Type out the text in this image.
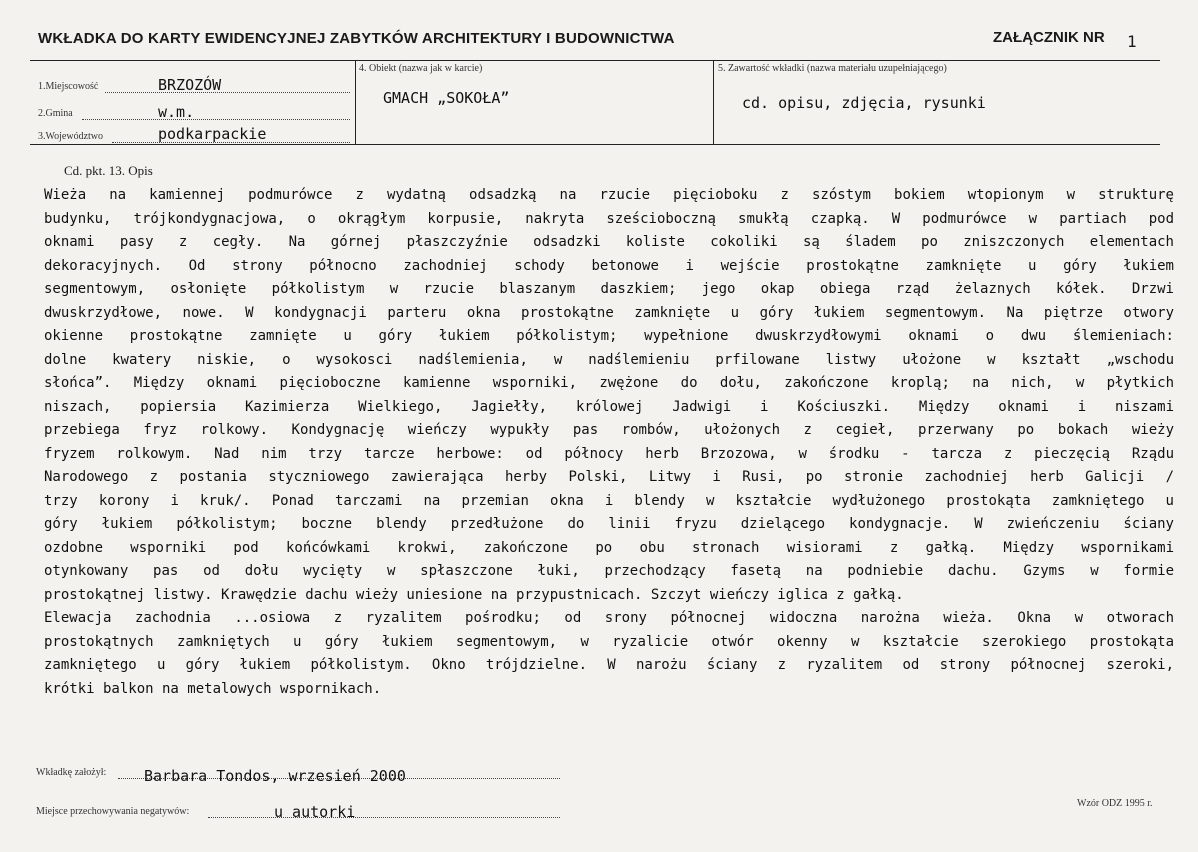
WKŁADKA DO KARTY EWIDENCYJNEJ ZABYTKÓW ARCHITEKTURY I BUDOWNICTWA	ZAŁĄCZNIK NR 1
1.Miejscowość	BRZOZÓW
2.Gmina	w.m.
3.Województwo	podkarpackie
4. Obiekt (nazwa jak w karcie)
GMACH „SOKOŁA”
5. Zawartość wkładki (nazwa materiału uzupełniającego)
cd. opisu, zdjęcia, rysunki
Cd. pkt. 13. Opis
Wieża na kamiennej podmurówce z wydatną odsadzką na rzucie pięcioboku z szóstym bokiem wtopionym w strukturę
budynku, trójkondygnacjowa, o okrągłym korpusie, nakryta sześcioboczną smukłą czapką. W podmurówce w partiach pod
oknami pasy z cegły. Na górnej płaszczyźnie odsadzki koliste cokoliki są śladem po zniszczonych elementach
dekoracyjnych. Od strony północno zachodniej schody betonowe i wejście prostokątne zamknięte u góry łukiem
segmentowym, osłonięte półkolistym w rzucie blaszanym daszkiem; jego okap obiega rząd żelaznych kółek. Drzwi
dwuskrzydłowe, nowe. W kondygnacji parteru okna prostokątne zamknięte u góry łukiem segmentowym. Na piętrze otwory
okienne prostokątne zamnięte u góry łukiem półkolistym; wypełnione dwuskrzydłowymi oknami o dwu ślemieniach:
dolne kwatery niskie, o wysokosci nadślemienia, w nadślemieniu prfilowane listwy ułożone w kształt „wschodu
słońca”. Między oknami pięcioboczne kamienne wsporniki, zwężone do dołu, zakończone kroplą; na nich, w płytkich
niszach, popiersia Kazimierza Wielkiego, Jagiełły, królowej Jadwigi i Kościuszki. Między oknami i niszami
przebiega fryz rolkowy. Kondygnację wieńczy wypukły pas rombów, ułożonych z cegieł, przerwany po bokach wieży
fryzem rolkowym. Nad nim trzy tarcze herbowe: od północy herb Brzozowa, w środku - tarcza z pieczęcią Rządu
Narodowego z postania styczniowego zawierająca herby Polski, Litwy i Rusi, po stronie zachodniej herb Galicji /
trzy korony i kruk/. Ponad tarczami na przemian okna i blendy w kształcie wydłużonego prostokąta zamkniętego u
góry łukiem półkolistym; boczne blendy przedłużone do linii fryzu dzielącego kondygnacje. W zwieńczeniu ściany
ozdobne wsporniki pod końcówkami krokwi, zakończone po obu stronach wisiorami z gałką. Między wspornikami
otynkowany pas od dołu wycięty w spłaszczone łuki, przechodzący fasetą na podniebie dachu. Gzyms w formie
prostokątnej listwy. Krawędzie dachu wieży uniesione na przypustnicach. Szczyt wieńczy iglica z gałką.
Elewacja zachodnia ...osiowa z ryzalitem pośrodku; od srony północnej widoczna narożna wieża. Okna w otworach
prostokątnych zamkniętych u góry łukiem segmentowym, w ryzalicie otwór okenny w kształcie szerokiego prostokąta
zamkniętego u góry łukiem półkolistym. Okno trójdzielne. W narożu ściany z ryzalitem od strony północnej szeroki,
krótki balkon na metalowych wspornikach.
Wkładkę założył:	Barbara Tondos, wrzesień 2000
Miejsce przechowywania negatywów:	u autorki	Wzór ODZ 1995 r.
